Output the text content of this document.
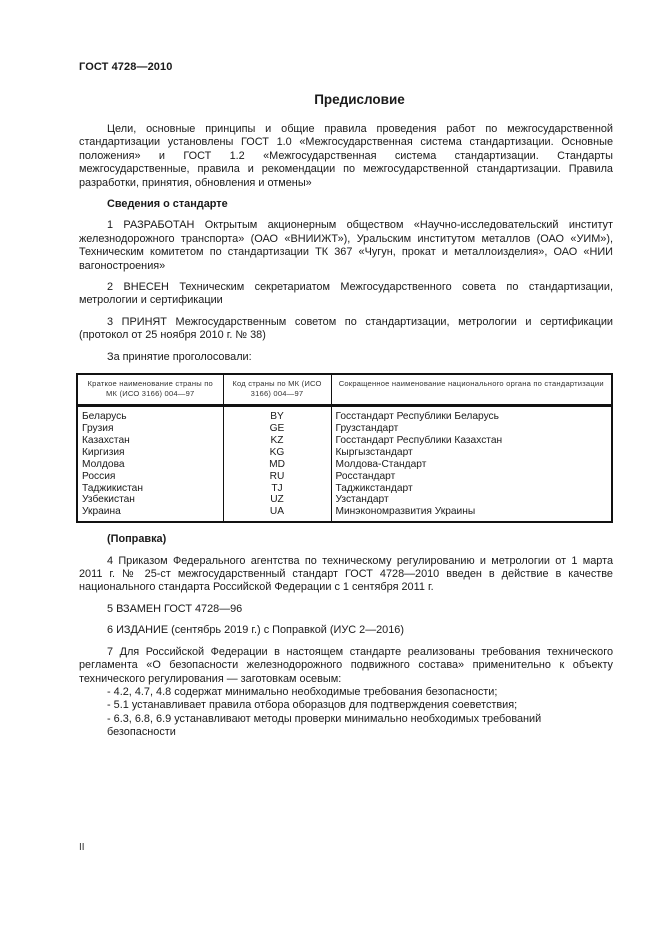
ГОСТ 4728—2010
Предисловие

Цели, основные принципы и общие правила проведения работ по межгосударственной стандартизации установлены ГОСТ 1.0 «Межгосударственная система стандартизации. Основные положения» и ГОСТ 1.2 «Межгосударственная система стандартизации. Стандарты межгосударственные, правила и рекомендации по межгосударственной стандартизации. Правила разработки, принятия, обновления и отмены»

Сведения о стандарте

1 РАЗРАБОТАН Октрытым акционерным обществом «Научно-исследовательский институт железнодорожного транспорта» (ОАО «ВНИИЖТ»), Уральским институтом металлов (ОАО «УИМ»), Техническим комитетом по стандартизации ТК 367 «Чугун, прокат и металлоизделия», ОАО «НИИ вагоностроения»

2 ВНЕСЕН Техническим секретариатом Межгосударственного совета по стандартизации, метрологии и сертификации

3 ПРИНЯТ Межгосударственным советом по стандартизации, метрологии и сертификации (протокол от 25 ноября 2010 г. № 38)

За принятие проголосовали:

Краткое наименование страны по МК (ИСО 3166) 004—97	Код страны по МК (ИСО 3166) 004—97	Сокращенное наименование национального органа по стандартизации
Беларусь	BY	Госстандарт Республики Беларусь
Грузия	GE	Грузстандарт
Казахстан	KZ	Госстандарт Республики Казахстан
Киргизия	KG	Кыргызстандарт
Молдова	MD	Молдова-Стандарт
Россия	RU	Росстандарт
Таджикистан	TJ	Таджикстандарт
Узбекистан	UZ	Узстандарт
Украина	UA	Минэкономразвития Украины
(Поправка)

4 Приказом Федерального агентства по техническому регулированию и метрологии от 1 марта 2011 г. № 25-ст межгосударственный стандарт ГОСТ 4728—2010 введен в действие в качестве национального стандарта Российской Федерации с 1 сентября 2011 г.

5 ВЗАМЕН ГОСТ 4728—96

6 ИЗДАНИЕ (сентябрь 2019 г.) с Поправкой (ИУС 2—2016)

7 Для Российской Федерации в настоящем стандарте реализованы требования технического регламента «О безопасности железнодорожного подвижного состава» применительно к объекту технического регулирования — заготовкам осевым:

- 4.2, 4.7, 4.8 содержат минимально необходимые требования безопасности;
- 5.1 устанавливает правила отбора оборазцов для подтверждения соеветствия;
- 6.3, 6.8, 6.9 устанавливают методы проверки минимально необходимых требований безопасности
II
